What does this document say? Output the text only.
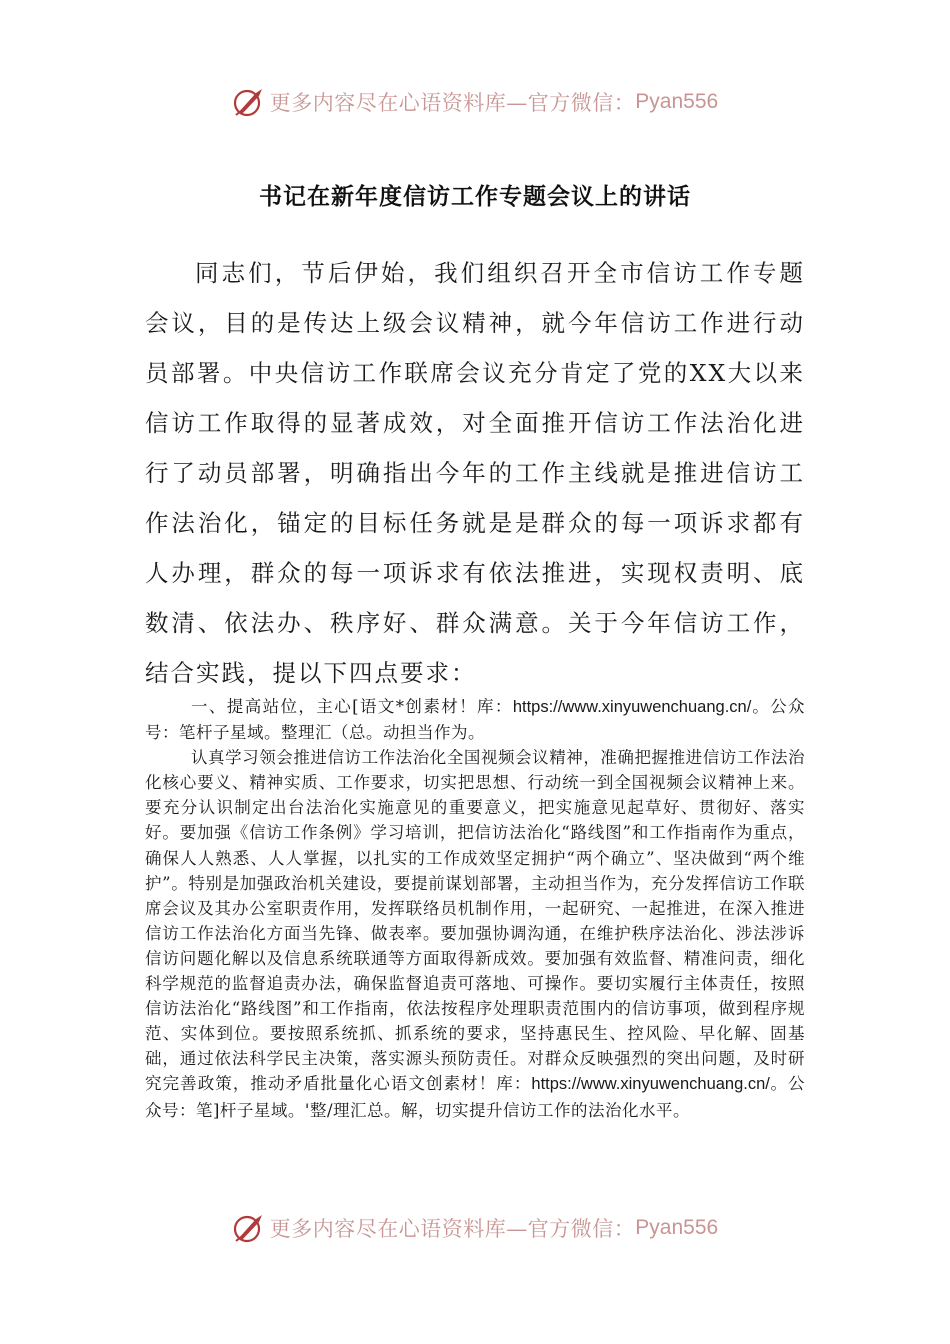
更多内容尽在心语资料库—官方微信： Pyan556
书记在新年度信访工作专题会议上的讲话

同志们，节后伊始，我们组织召开全市信访工作专题会议，目的是传达上级会议精神，就今年信访工作进行动员部署。中央信访工作联席会议充分肯定了党的XX大以来信访工作取得的显著成效，对全面推开信访工作法治化进行了动员部署，明确指出今年的工作主线就是推进信访工作法治化，锚定的目标任务就是是群众的每一项诉求都有人办理，群众的每一项诉求有依法推进，实现权责明、底数清、依法办、秩序好、群众满意。关于今年信访工作，结合实践，提以下四点要求：

一、提高站位，主心[语文*创素材！库：https://www.xinyuwenchuang.cn/。公众号：笔杆子星域。整理汇（总。动担当作为。

认真学习领会推进信访工作法治化全国视频会议精神，准确把握推进信访工作法治化核心要义、精神实质、工作要求，切实把思想、行动统一到全国视频会议精神上来。要充分认识制定出台法治化实施意见的重要意义，把实施意见起草好、贯彻好、落实好。要加强《信访工作条例》学习培训，把信访法治化“路线图”和工作指南作为重点，确保人人熟悉、人人掌握，以扎实的工作成效坚定拥护“两个确立”、坚决做到“两个维护”。特别是加强政治机关建设，要提前谋划部署，主动担当作为，充分发挥信访工作联席会议及其办公室职责作用，发挥联络员机制作用，一起研究、一起推进，在深入推进信访工作法治化方面当先锋、做表率。要加强协调沟通，在维护秩序法治化、涉法涉诉信访问题化解以及信息系统联通等方面取得新成效。要加强有效监督、精准问责，细化科学规范的监督追责办法，确保监督追责可落地、可操作。要切实履行主体责任，按照信访法治化“路线图”和工作指南，依法按程序处理职责范围内的信访事项，做到程序规范、实体到位。要按照系统抓、抓系统的要求，坚持惠民生、控风险、早化解、固基础，通过依法科学民主决策，落实源头预防责任。对群众反映强烈的突出问题，及时研究完善政策，推动矛盾批量化心语文创素材！库：https://www.xinyuwenchuang.cn/。公众号：笔]杆子星域。'整/理汇总。解，切实提升信访工作的法治化水平。

更多内容尽在心语资料库—官方微信： Pyan556
